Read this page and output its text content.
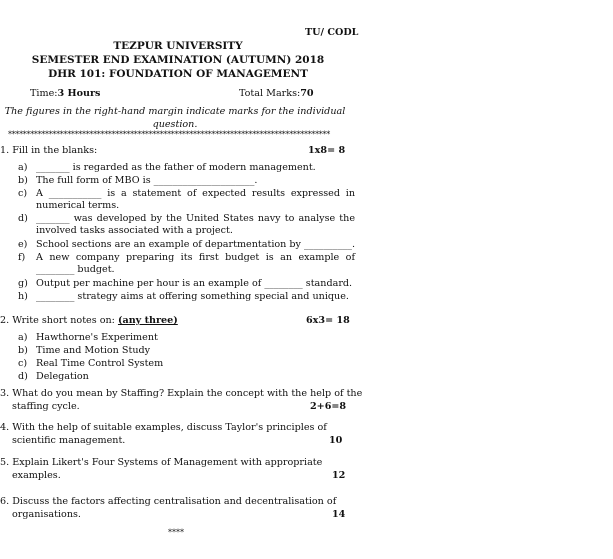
TU/ CODL
TEZPUR UNIVERSITY
SEMESTER END EXAMINATION (AUTUMN) 2018
DHR 101: FOUNDATION OF MANAGEMENT
Time:3 Hours	Total Marks:70
The figures in the right-hand margin indicate marks for the individual
question.
***************************************************************************************
1. Fill in the blanks:	1x8= 8
a) _______ is regarded as the father of modern management.
b) The full form of MBO is _____________________.
c) A ___________ is a statement of expected results expressed in numerical terms.
d) _______ was developed by the United States navy to analyse the involved tasks associated with a project.
e) School sections are an example of departmentation by __________.
f)	A new company preparing its first budget is an example of ________ budget.
g) Output per machine per hour is an example of ________ standard.
h) ________ strategy aims at offering something special and unique.
2. Write short notes on: (any three)	6x3= 18
a) Hawthorne's Experiment
b) Time and Motion Study
c) Real Time Control System
d) Delegation
3. What do you mean by Staffing? Explain the concept with the help of the
staffing cycle.	2+6=8
4. With the help of suitable examples, discuss Taylor's principles of
scientific management.	10
5. Explain Likert's Four Systems of Management with appropriate
examples.	12
6. Discuss the factors affecting centralisation and decentralisation of
organisations.	14
****
